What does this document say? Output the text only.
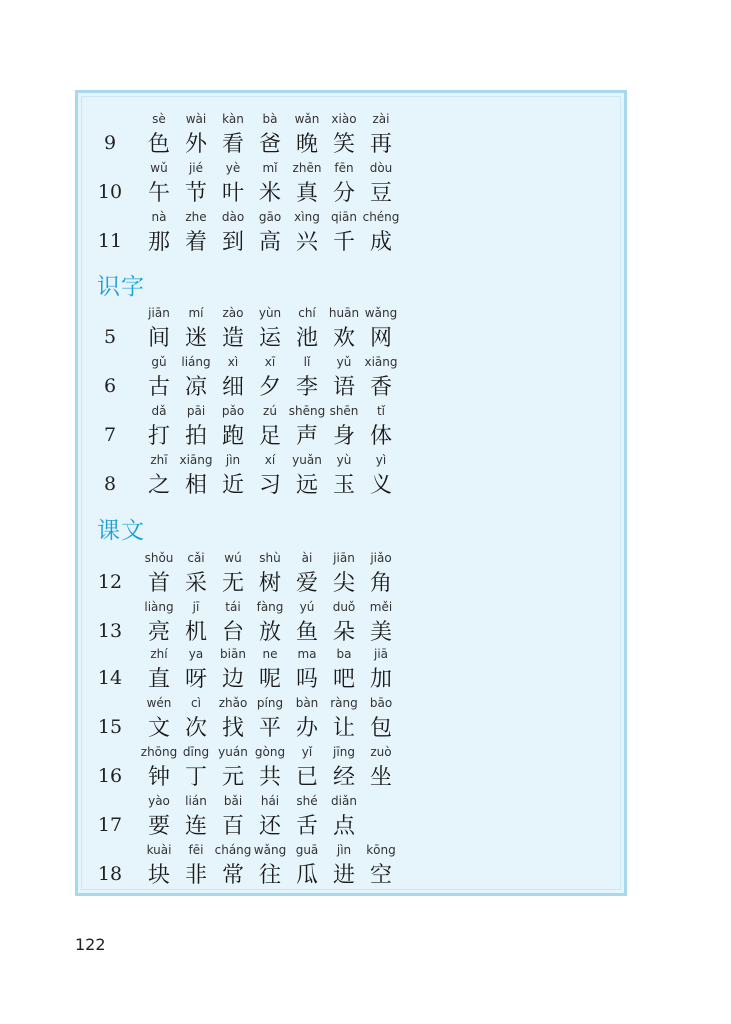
9
sè
色
wài
外
kàn
看
bà
爸
wǎn
晚
xiào
笑
zài
再
10
wǔ
午
jié
节
yè
叶
mǐ
米
zhēn
真
fēn
分
dòu
豆
11
nà
那
zhe
着
dào
到
gāo
高
xìng
兴
qiān
千
chéng
成
识字
5
jiān
间
mí
迷
zào
造
yùn
运
chí
池
huān
欢
wǎng
网
6
gǔ
古
liáng
凉
xì
细
xī
夕
lǐ
李
yǔ
语
xiāng
香
7
dǎ
打
pāi
拍
pǎo
跑
zú
足
shēng
声
shēn
身
tǐ
体
8
zhī
之
xiāng
相
jìn
近
xí
习
yuǎn
远
yù
玉
yì
义
课文
12
shǒu
首
cǎi
采
wú
无
shù
树
ài
爱
jiān
尖
jiǎo
角
13
liàng
亮
jī
机
tái
台
fàng
放
yú
鱼
duǒ
朵
měi
美
14
zhí
直
ya
呀
biān
边
ne
呢
ma
吗
ba
吧
jiā
加
15
wén
文
cì
次
zhǎo
找
píng
平
bàn
办
ràng
让
bāo
包
16
zhōng
钟
dīng
丁
yuán
元
gòng
共
yǐ
已
jīng
经
zuò
坐
17
yào
要
lián
连
bǎi
百
hái
还
shé
舌
diǎn
点
18
kuài
块
fēi
非
cháng
常
wǎng
往
guā
瓜
jìn
进
kōng
空
122
